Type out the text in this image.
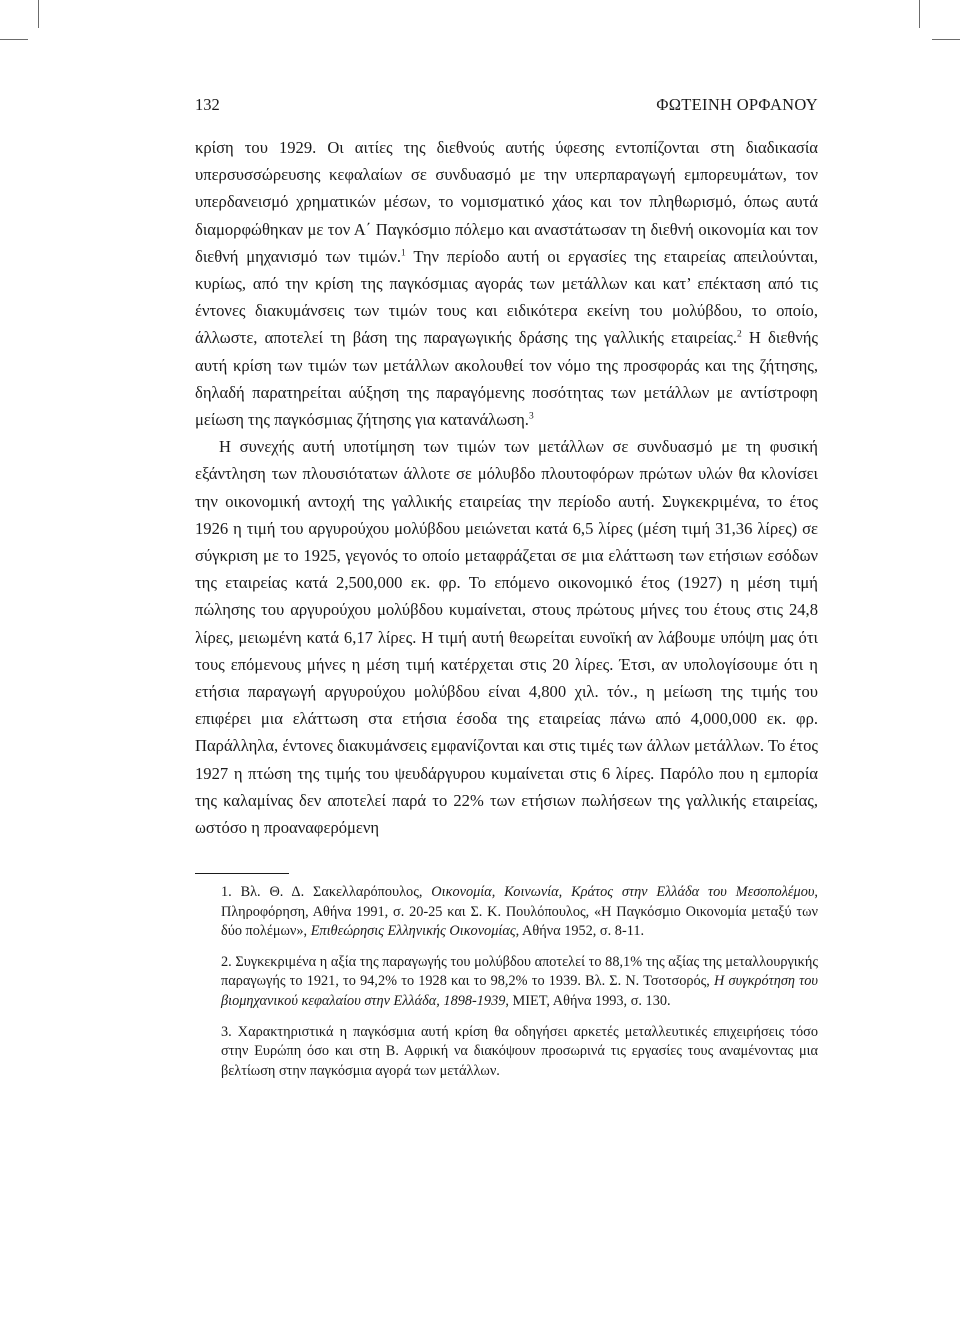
132	ΦΩΤΕΙΝΗ ΟΡΦΑΝΟΥ

κρίση του 1929. Οι αιτίες της διεθνούς αυτής ύφεσης εντοπίζονται στη διαδικασία υπερσυσσώρευσης κεφαλαίων σε συνδυασμό με την υπερπαραγωγή εμπορευμάτων, τον υπερδανεισμό χρηματικών μέσων, το νομισματικό χάος και τον πληθωρισμό, όπως αυτά διαμορφώθηκαν με τον Α΄ Παγκόσμιο πόλεμο και αναστάτωσαν τη διεθνή οικονομία και τον διεθνή μηχανισμό των τιμών.$^1$ Την περίοδο αυτή οι εργασίες της εταιρείας απειλούνται, κυρίως, από την κρίση της παγκόσμιας αγοράς των μετάλλων και κατ’ επέκταση από τις έντονες διακυμάνσεις των τιμών τους και ειδικότερα εκείνη του μολύβδου, το οποίο, άλλωστε, αποτελεί τη βάση της παραγωγικής δράσης της γαλλικής εταιρείας.$^2$ Η διεθνής αυτή κρίση των τιμών των μετάλλων ακολουθεί τον νόμο της προσφοράς και της ζήτησης, δηλαδή παρατηρείται αύξηση της παραγόμενης ποσότητας των μετάλλων με αντίστροφη μείωση της παγκόσμιας ζήτησης για κατανάλωση.$^3$

Η συνεχής αυτή υποτίμηση των τιμών των μετάλλων σε συνδυασμό με τη φυσική εξάντληση των πλουσιότατων άλλοτε σε μόλυβδο πλουτοφόρων πρώτων υλών θα κλονίσει την οικονομική αντοχή της γαλλικής εταιρείας την περίοδο αυτή. Συγκεκριμένα, το έτος 1926 η τιμή του αργυρούχου μολύβδου μειώνεται κατά 6,5 λίρες (μέση τιμή 31,36 λίρες) σε σύγκριση με το 1925, γεγονός το οποίο μεταφράζεται σε μια ελάττωση των ετήσιων εσόδων της εταιρείας κατά 2,500,000 εκ. φρ. Το επόμενο οικονομικό έτος (1927) η μέση τιμή πώλησης του αργυρούχου μολύβδου κυμαίνεται, στους πρώτους μήνες του έτους στις 24,8 λίρες, μειωμένη κατά 6,17 λίρες. Η τιμή αυτή θεωρείται ευνοϊκή αν λάβουμε υπόψη μας ότι τους επόμενους μήνες η μέση τιμή κατέρχεται στις 20 λίρες. Έτσι, αν υπολογίσουμε ότι η ετήσια παραγωγή αργυρούχου μολύβδου είναι 4,800 χιλ. τόν., η μείωση της τιμής του επιφέρει μια ελάττωση στα ετήσια έσοδα της εταιρείας πάνω από 4,000,000 εκ. φρ. Παράλληλα, έντονες διακυμάνσεις εμφανίζονται και στις τιμές των άλλων μετάλλων. Το έτος 1927 η πτώση της τιμής του ψευδάργυρου κυμαίνεται στις 6 λίρες. Παρόλο που η εμπορία της καλαμίνας δεν αποτελεί παρά το 22% των ετήσιων πωλήσεων της γαλλικής εταιρείας, ωστόσο η προαναφερόμενη

1. Βλ. Θ. Δ. Σακελλαρόπουλος, Οικονομία, Κοινωνία, Κράτος στην Ελλάδα του Μεσοπολέμου, Πληροφόρηση, Αθήνα 1991, σ. 20-25 και Σ. Κ. Πουλόπουλος, «Η Παγκόσμιο Οικονομία μεταξύ των δύο πολέμων», Επιθεώρησις Ελληνικής Οικονομίας, Αθήνα 1952, σ. 8-11.

2. Συγκεκριμένα η αξία της παραγωγής του μολύβδου αποτελεί το 88,1% της αξίας της μεταλλουργικής παραγωγής το 1921, το 94,2% το 1928 και το 98,2% το 1939. Βλ. Σ. Ν. Τσοτσορός, Η συγκρότηση του βιομηχανικού κεφαλαίου στην Ελλάδα, 1898-1939, ΜΙΕΤ, Αθήνα 1993, σ. 130.

3. Χαρακτηριστικά η παγκόσμια αυτή κρίση θα οδηγήσει αρκετές μεταλλευτικές επιχειρήσεις τόσο στην Ευρώπη όσο και στη Β. Αφρική να διακόψουν προσωρινά τις εργασίες τους αναμένοντας μια βελτίωση στην παγκόσμια αγορά των μετάλλων.
